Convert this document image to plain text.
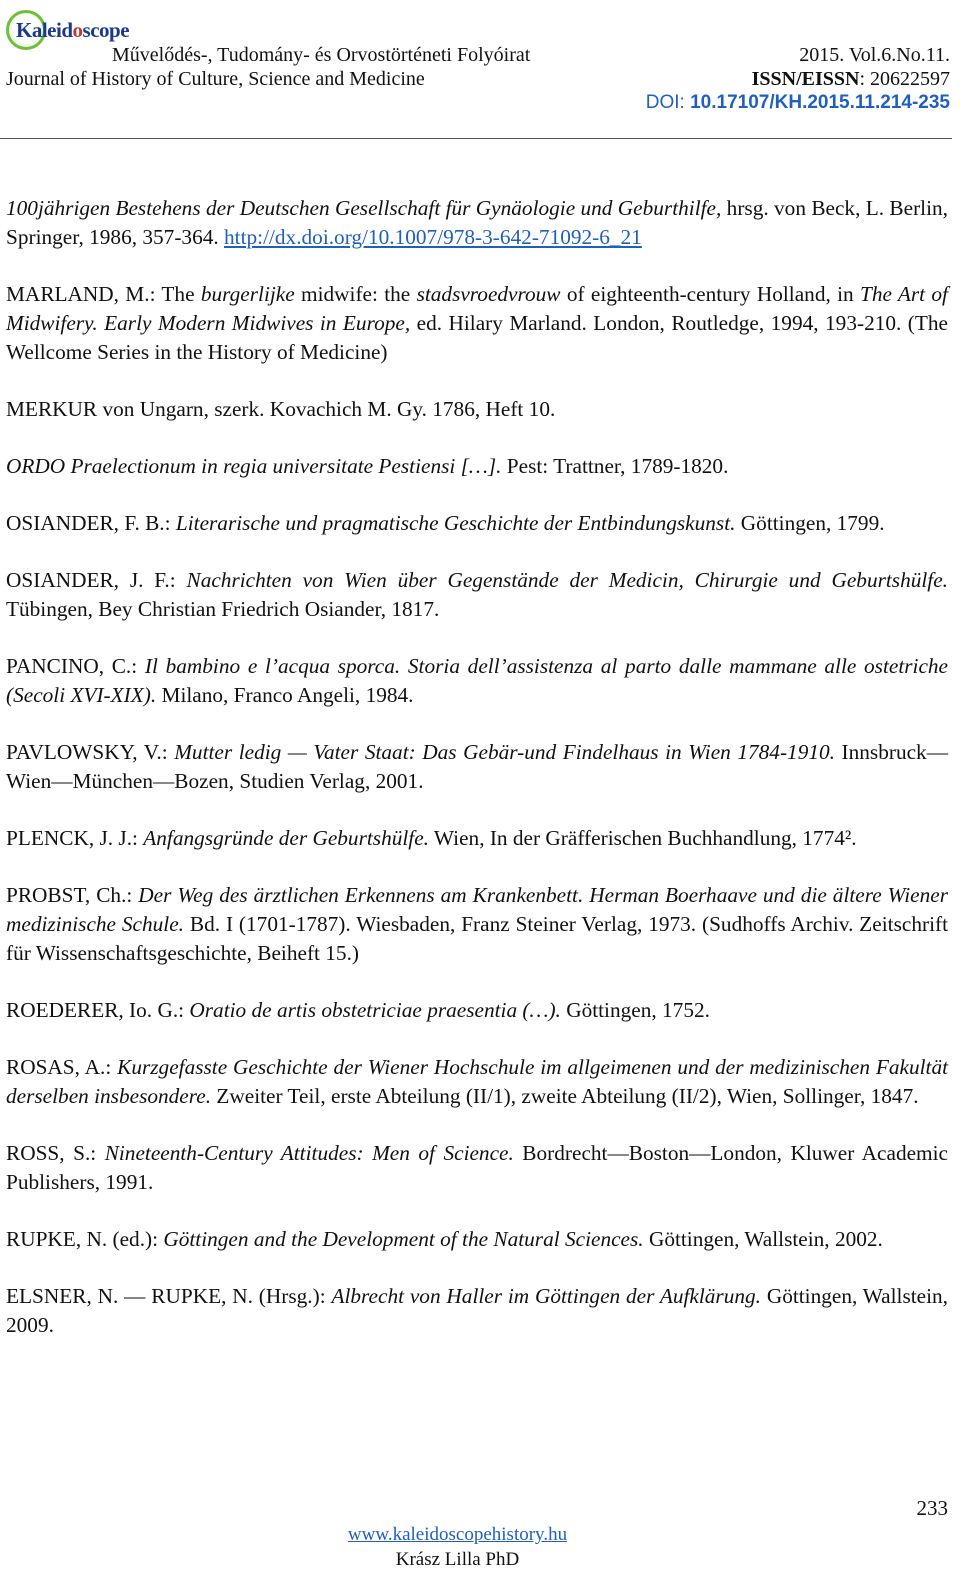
Kaleidoscope
Művelődés-, Tudomány- és Orvostörténeti Folyóirat
Journal of History of Culture, Science and Medicine
2015. Vol.6.No.11.
ISSN/EISSN: 20622597
DOI: 10.17107/KH.2015.11.214-235

100jährigen Bestehens der Deutschen Gesellschaft für Gynäologie und Geburthilfe, hrsg. von Beck, L. Berlin, Springer, 1986, 357-364. http://dx.doi.org/10.1007/978-3-642-71092-6_21

MARLAND, M.: The burgerlijke midwife: the stadsvroedvrouw of eighteenth-century Holland, in The Art of Midwifery. Early Modern Midwives in Europe, ed. Hilary Marland. London, Routledge, 1994, 193-210. (The Wellcome Series in the History of Medicine)

MERKUR von Ungarn, szerk. Kovachich M. Gy. 1786, Heft 10.

ORDO Praelectionum in regia universitate Pestiensi […]. Pest: Trattner, 1789-1820.

OSIANDER, F. B.: Literarische und pragmatische Geschichte der Entbindungskunst. Göttingen, 1799.

OSIANDER, J. F.: Nachrichten von Wien über Gegenstände der Medicin, Chirurgie und Geburtshülfe. Tübingen, Bey Christian Friedrich Osiander, 1817.

PANCINO, C.: Il bambino e l’acqua sporca. Storia dell’assistenza al parto dalle mammane alle ostetriche (Secoli XVI-XIX). Milano, Franco Angeli, 1984.

PAVLOWSKY, V.: Mutter ledig — Vater Staat: Das Gebär-und Findelhaus in Wien 1784-1910. Innsbruck—Wien—München—Bozen, Studien Verlag, 2001.

PLENCK, J. J.: Anfangsgründe der Geburtshülfe. Wien, In der Gräfferischen Buchhandlung, 1774².

PROBST, Ch.: Der Weg des ärztlichen Erkennens am Krankenbett. Herman Boerhaave und die ältere Wiener medizinische Schule. Bd. I (1701-1787). Wiesbaden, Franz Steiner Verlag, 1973. (Sudhoffs Archiv. Zeitschrift für Wissenschaftsgeschichte, Beiheft 15.)

ROEDERER, Io. G.: Oratio de artis obstetriciae praesentia (…). Göttingen, 1752.

ROSAS, A.: Kurzgefasste Geschichte der Wiener Hochschule im allgeimenen und der medizinischen Fakultät derselben insbesondere. Zweiter Teil, erste Abteilung (II/1), zweite Abteilung (II/2), Wien, Sollinger, 1847.

ROSS, S.: Nineteenth-Century Attitudes: Men of Science. Bordrecht—Boston—London, Kluwer Academic Publishers, 1991.

RUPKE, N. (ed.): Göttingen and the Development of the Natural Sciences. Göttingen, Wallstein, 2002.

ELSNER, N. — RUPKE, N. (Hrsg.): Albrecht von Haller im Göttingen der Aufklärung. Göttingen, Wallstein, 2009.

233
www.kaleidoscopehistory.hu
Krász Lilla PhD
